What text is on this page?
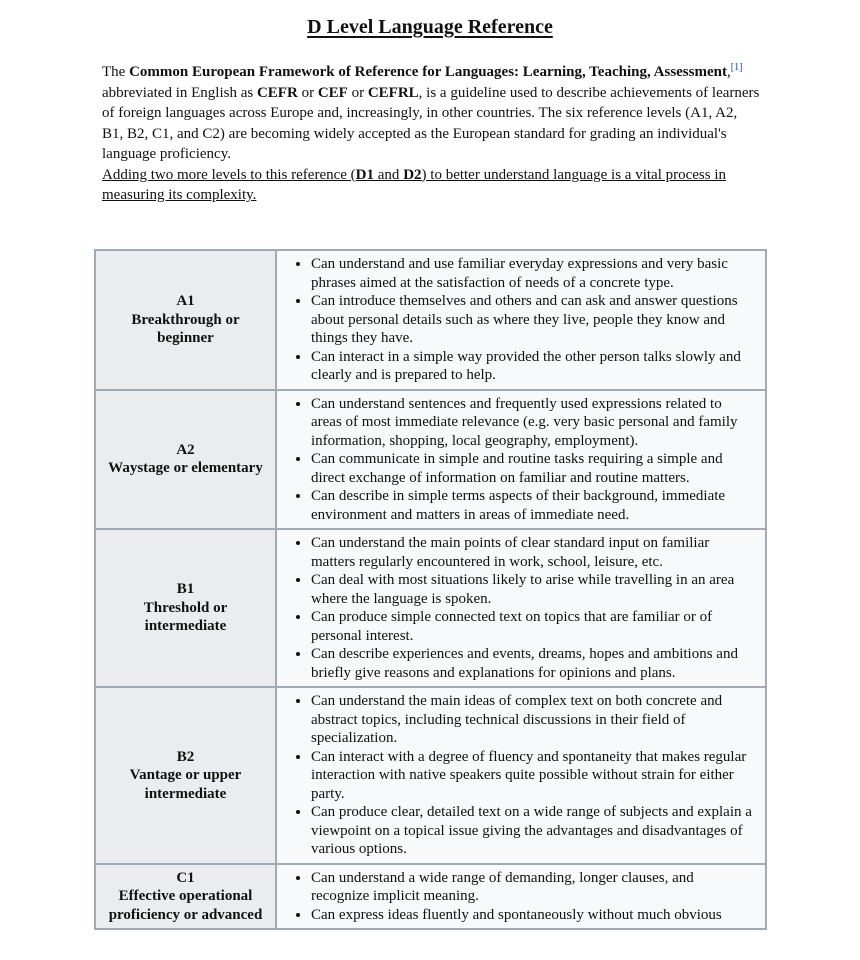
D Level Language Reference
The Common European Framework of Reference for Languages: Learning, Teaching, Assessment,[1] abbreviated in English as CEFR or CEF or CEFRL, is a guideline used to describe achievements of learners of foreign languages across Europe and, increasingly, in other countries. The six reference levels (A1, A2, B1, B2, C1, and C2) are becoming widely accepted as the European standard for grading an individual's language proficiency.
Adding two more levels to this reference (D1 and D2) to better understand language is a vital process in measuring its complexity.
A1
Breakthrough or beginner

• Can understand and use familiar everyday expressions and very basic phrases aimed at the satisfaction of needs of a concrete type.
• Can introduce themselves and others and can ask and answer questions about personal details such as where they live, people they know and things they have.
• Can interact in a simple way provided the other person talks slowly and clearly and is prepared to help.

A2
Waystage or elementary

• Can understand sentences and frequently used expressions related to areas of most immediate relevance (e.g. very basic personal and family information, shopping, local geography, employment).
• Can communicate in simple and routine tasks requiring a simple and direct exchange of information on familiar and routine matters.
• Can describe in simple terms aspects of their background, immediate environment and matters in areas of immediate need.

B1
Threshold or intermediate

• Can understand the main points of clear standard input on familiar matters regularly encountered in work, school, leisure, etc.
• Can deal with most situations likely to arise while travelling in an area where the language is spoken.
• Can produce simple connected text on topics that are familiar or of personal interest.
• Can describe experiences and events, dreams, hopes and ambitions and briefly give reasons and explanations for opinions and plans.

B2
Vantage or upper intermediate

• Can understand the main ideas of complex text on both concrete and abstract topics, including technical discussions in their field of specialization.
• Can interact with a degree of fluency and spontaneity that makes regular interaction with native speakers quite possible without strain for either party.
• Can produce clear, detailed text on a wide range of subjects and explain a viewpoint on a topical issue giving the advantages and disadvantages of various options.

C1
Effective operational proficiency or advanced

• Can understand a wide range of demanding, longer clauses, and recognize implicit meaning.
• Can express ideas fluently and spontaneously without much obvious
